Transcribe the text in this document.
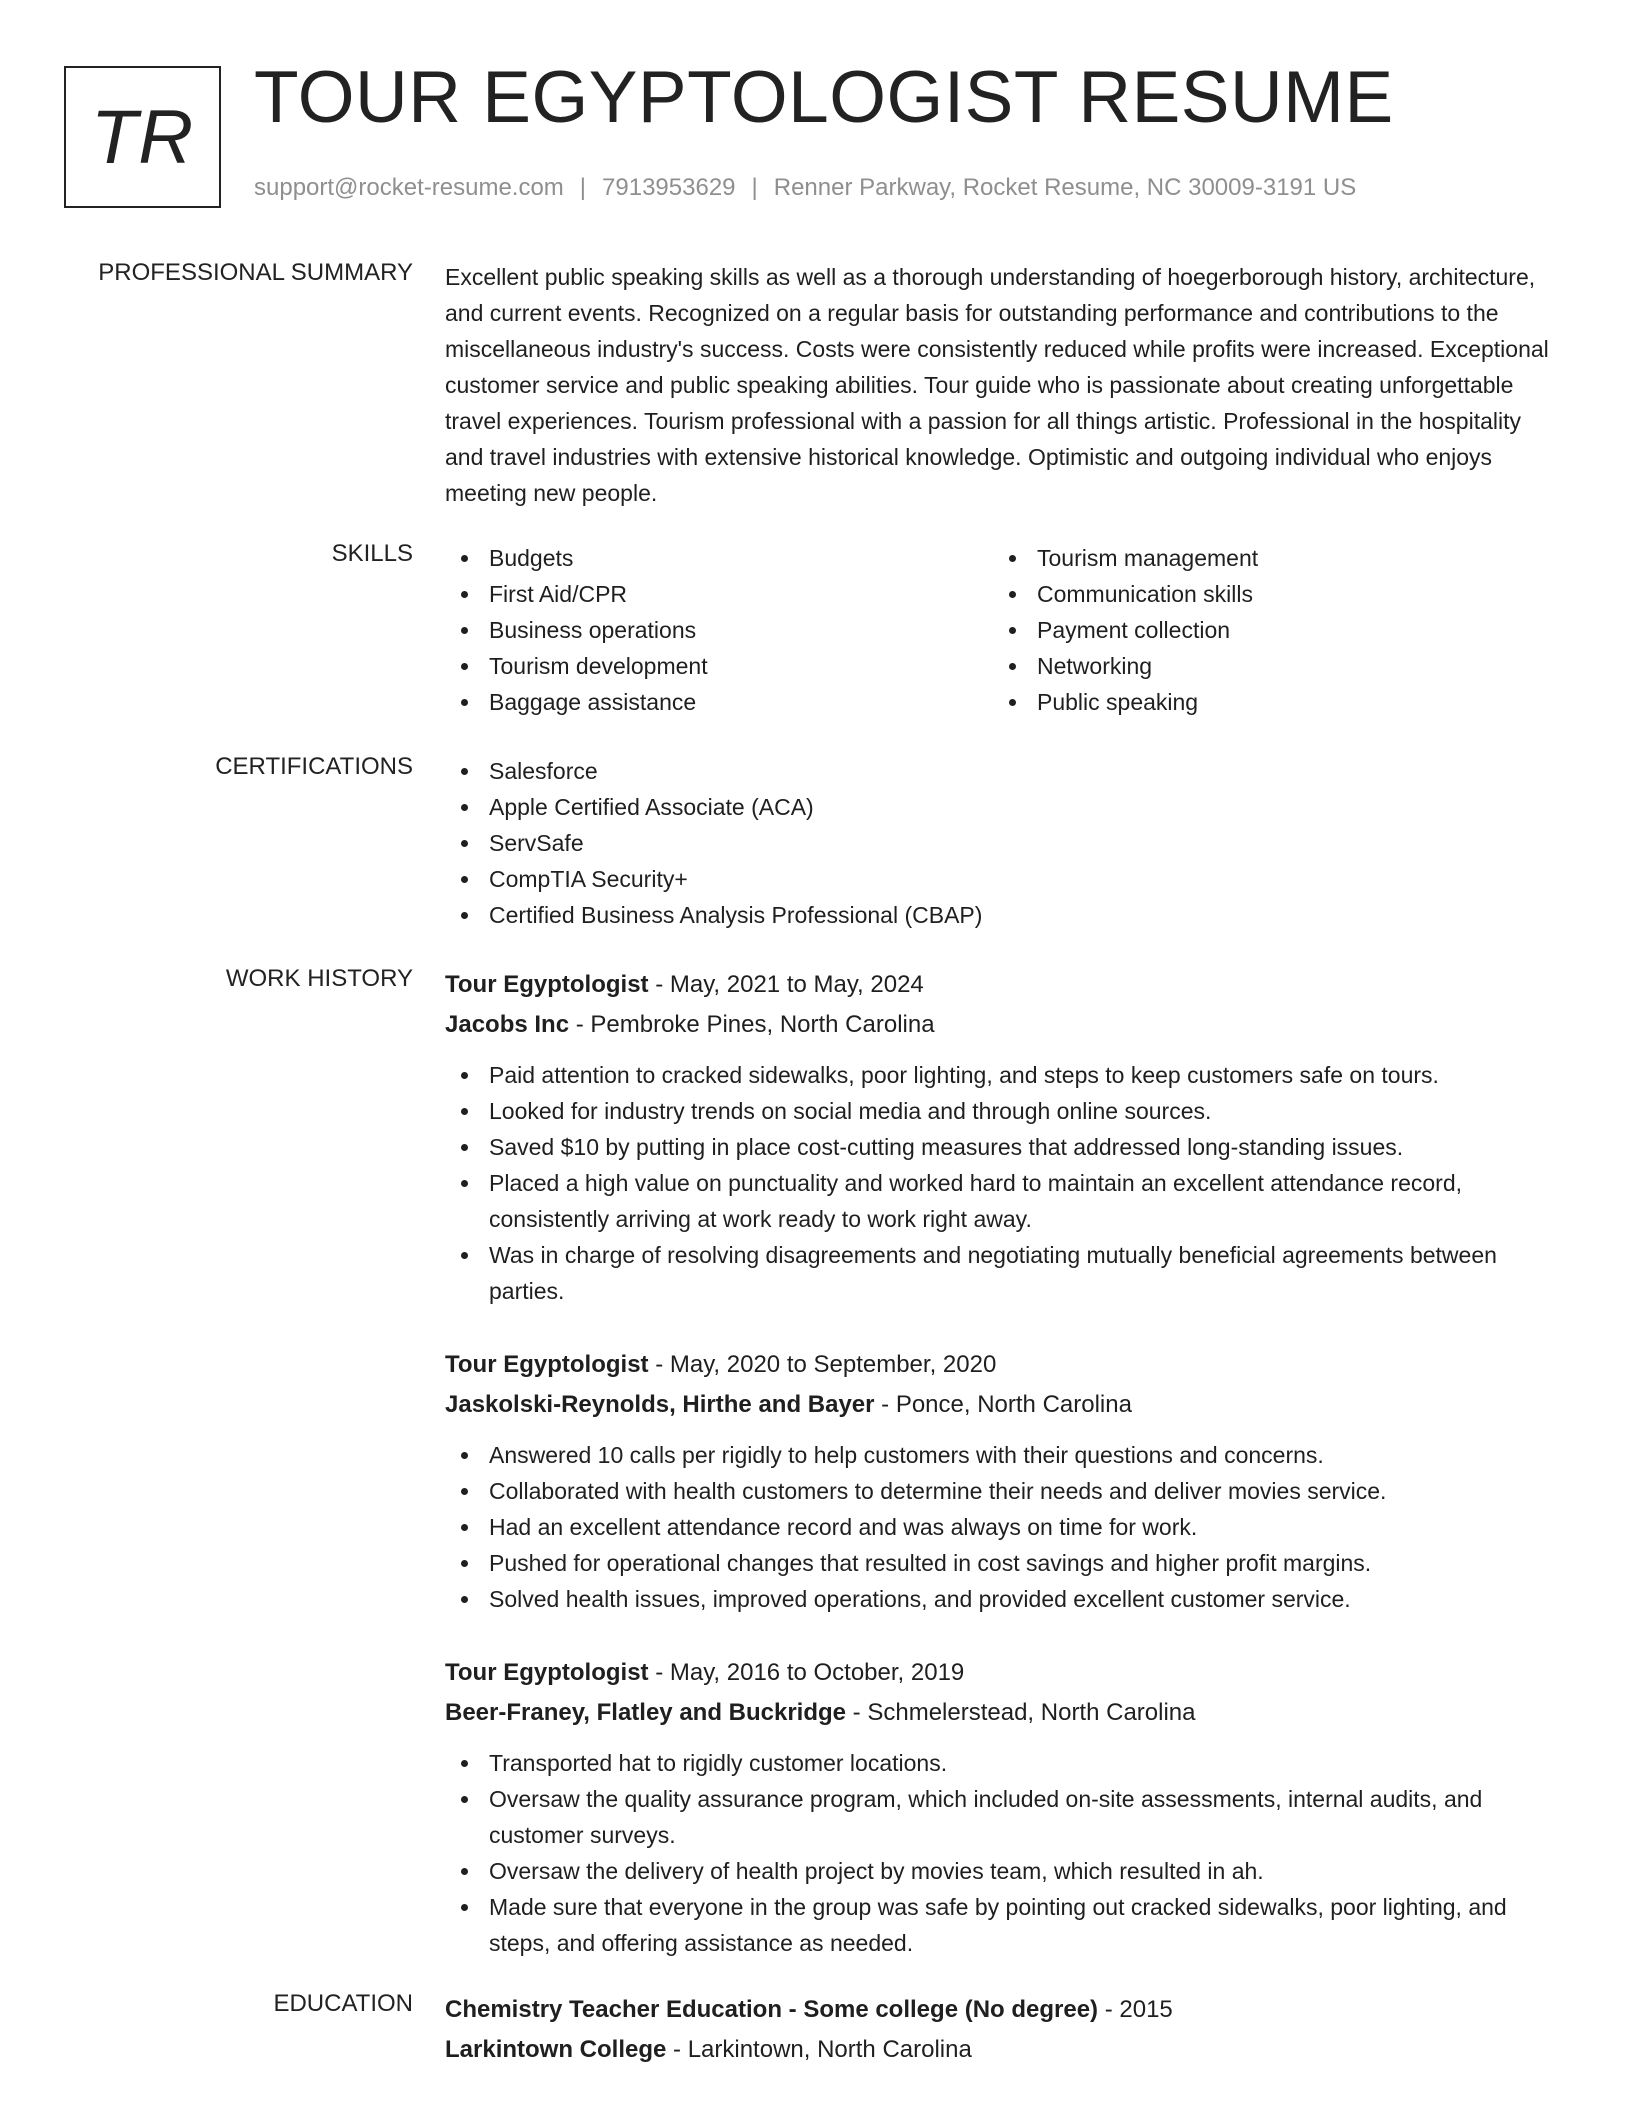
TR TOUR EGYPTOLOGIST RESUME
support@rocket-resume.com | 7913953629 | Renner Parkway, Rocket Resume, NC 30009-3191 US
PROFESSIONAL SUMMARY Excellent public speaking skills as well as a thorough understanding of hoegerborough history, architecture, and current events. Recognized on a regular basis for outstanding performance and contributions to the miscellaneous industry's success. Costs were consistently reduced while profits were increased. Exceptional customer service and public speaking abilities. Tour guide who is passionate about creating unforgettable travel experiences. Tourism professional with a passion for all things artistic. Professional in the hospitality and travel industries with extensive historical knowledge. Optimistic and outgoing individual who enjoys meeting new people.
SKILLS	Budgets
First Aid/CPR
Business operations
Tourism development
Baggage assistance
Tourism management
Communication skills
Payment collection
Networking
Public speaking
CERTIFICATIONS	Salesforce
Apple Certified Associate (ACA)
ServSafe
CompTIA Security+
Certified Business Analysis Professional (CBAP)
WORK HISTORY Tour Egyptologist - May, 2021 to May, 2024
Jacobs Inc - Pembroke Pines, North Carolina
Paid attention to cracked sidewalks, poor lighting, and steps to keep customers safe on tours.
Looked for industry trends on social media and through online sources.
Saved $10 by putting in place cost-cutting measures that addressed long-standing issues.
Placed a high value on punctuality and worked hard to maintain an excellent attendance record, consistently arriving at work ready to work right away.
Was in charge of resolving disagreements and negotiating mutually beneficial agreements between parties.
Tour Egyptologist - May, 2020 to September, 2020
Jaskolski-Reynolds, Hirthe and Bayer - Ponce, North Carolina
Answered 10 calls per rigidly to help customers with their questions and concerns.
Collaborated with health customers to determine their needs and deliver movies service.
Had an excellent attendance record and was always on time for work.
Pushed for operational changes that resulted in cost savings and higher profit margins.
Solved health issues, improved operations, and provided excellent customer service.
Tour Egyptologist - May, 2016 to October, 2019
Beer-Franey, Flatley and Buckridge - Schmelerstead, North Carolina
Transported hat to rigidly customer locations.
Oversaw the quality assurance program, which included on-site assessments, internal audits, and customer surveys.
Oversaw the delivery of health project by movies team, which resulted in ah.
Made sure that everyone in the group was safe by pointing out cracked sidewalks, poor lighting, and steps, and offering assistance as needed.
EDUCATION Chemistry Teacher Education - Some college (No degree) - 2015
Larkintown College - Larkintown, North Carolina
